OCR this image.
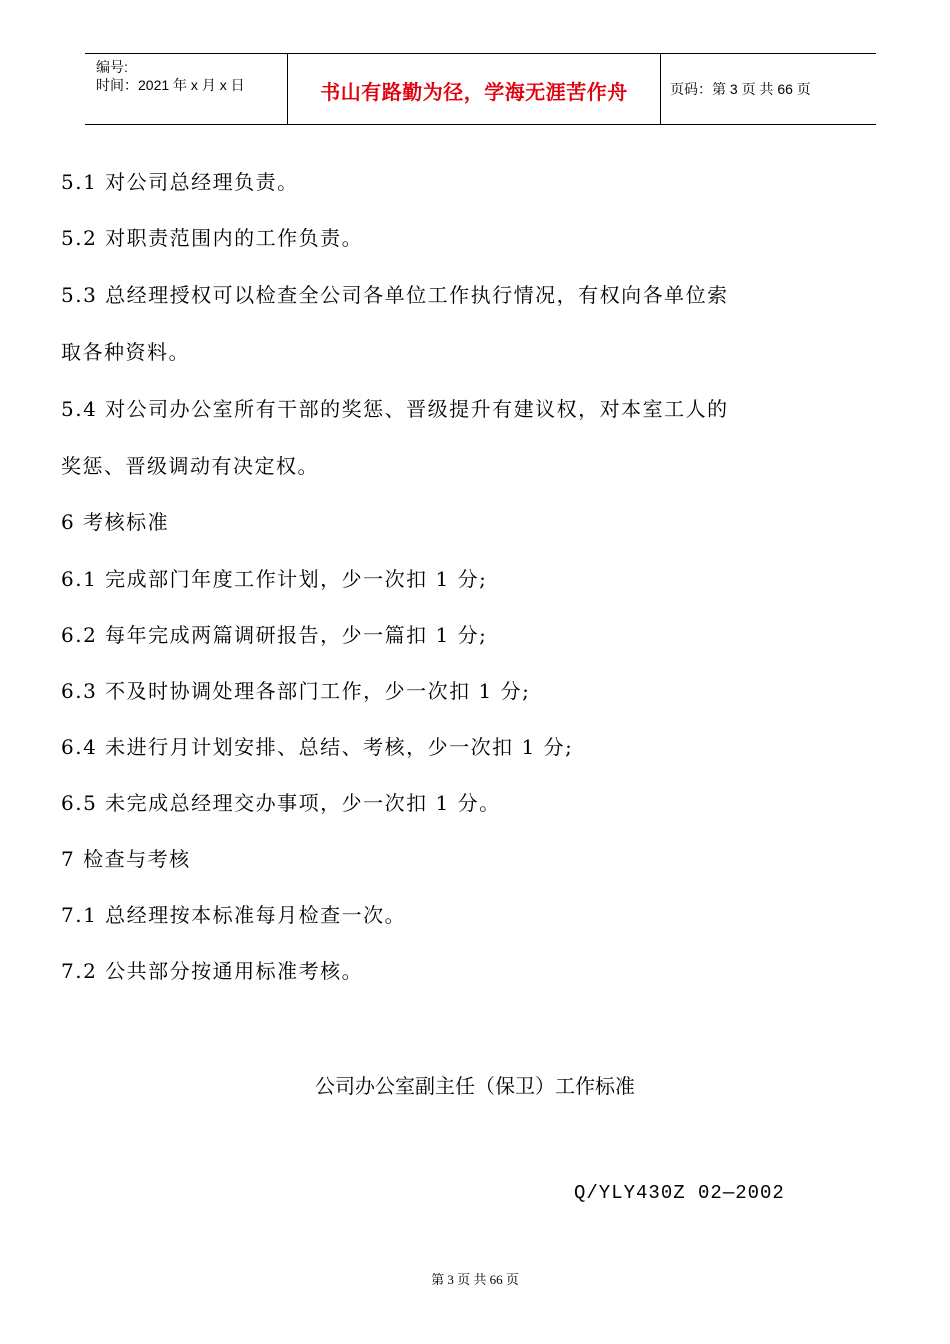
编号:
时间：2021 年 x 月 x 日	书山有路勤为径，学海无涯苦作舟	页码：第 3 页 共 66 页
5.1 对公司总经理负责。
5.2 对职责范围内的工作负责。
5.3 总经理授权可以检查全公司各单位工作执行情况，有权向各单位索
取各种资料。
5.4 对公司办公室所有干部的奖惩、晋级提升有建议权，对本室工人的
奖惩、晋级调动有决定权。
6 考核标准
6.1 完成部门年度工作计划，少一次扣 1 分;
6.2 每年完成两篇调研报告，少一篇扣 1 分;
6.3 不及时协调处理各部门工作，少一次扣 1 分;
6.4 未进行月计划安排、总结、考核，少一次扣 1 分;
6.5 未完成总经理交办事项，少一次扣 1 分。
7 检查与考核
7.1 总经理按本标准每月检查一次。
7.2 公共部分按通用标准考核。
公司办公室副主任（保卫）工作标准
Q/YLY430Z 02—2002
第 3 页 共 66 页
